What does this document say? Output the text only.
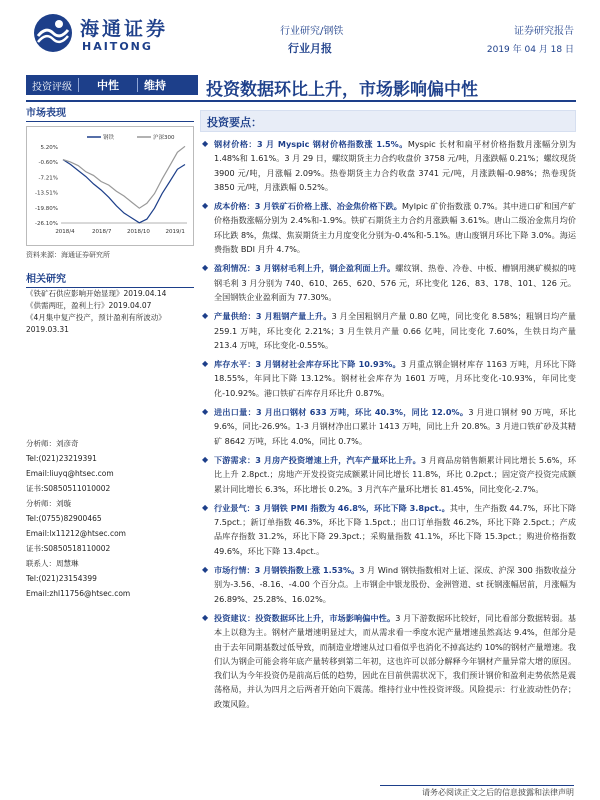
海通证券
HAITONG
行业研究/钢铁
行业月报
证券研究报告
2019 年 04 月 18 日
投资评级	中性	维持	投资数据环比上升，市场影响偏中性
市场表现
5.20%
-0.60%
-7.21%
-13.51%
-19.80%
-26.10%
2018/4	2018/7	2018/10	2019/1
钢铁	沪深300
资料来源：海通证券研究所
相关研究
《铁矿石供应影响开始显现》2019.04.14
《供需两旺，盈利上行》2019.04.07
《4月集中复产投产，预计盈利有所波动》2019.03.31
分析师：刘彦奇
Tel:(021)23219391
Email:liuyq@htsec.com
证书:S0850511010002
分析师：刘璇
Tel:(0755)82900465
Email:lx11212@htsec.com
证书:S0850518110002
联系人：周慧琳
Tel:(021)23154399
Email:zhl11756@htsec.com
投资要点：
◆ 钢材价格：3 月 Myspic 钢材价格指数涨 1.5%。Myspic 长材和扁平材价格指数月涨幅分别为 1.48%和 1.61%。3 月 29 日，螺纹期货主力合约收盘价 3758 元/吨，月涨跌幅 0.21%；螺纹现货 3900 元/吨，月涨幅 2.09%。热卷期货主力合约收盘 3741 元/吨，月涨跌幅-0.98%；热卷现货 3850 元/吨，月涨跌幅 0.52%。
◆ 成本价格：3 月铁矿石价格上涨、冶金焦价格下跌。Mylpic 矿价指数涨 0.7%。其中进口矿和国产矿价格指数涨幅分别为 2.4%和-1.9%。铁矿石期货主力合约月涨跌幅 3.61%。唐山二级冶金焦月均价环比跌 8%，焦煤、焦炭期货主力月度变化分别为-0.4%和-5.1%。唐山废钢月环比下降 3.0%。海运费指数 BDI 月升 4.7%。
◆ 盈利情况：3 月钢材毛利上升，钢企盈利面上升。螺纹钢、热卷、冷卷、中板、槽钢用澳矿模拟的吨钢毛利 3 月分别为 740、610、265、620、576 元，环比变化 126、83、178、101、126 元。全国钢铁企业盈利面为 77.30%。
◆ 产量供给：3 月粗钢产量上升。3 月全国粗钢月产量 0.80 亿吨，同比变化 8.58%；粗钢日均产量 259.1 万吨，环比变化 2.21%；3 月生铁月产量 0.66 亿吨，同比变化 7.60%，生铁日均产量 213.4 万吨，环比变化-0.55%。
◆ 库存水平：3 月钢材社会库存环比下降 10.93%。3 月重点钢企钢材库存 1163 万吨，月环比下降 18.55%，年同比下降 13.12%。钢材社会库存为 1601 万吨，月环比变化-10.93%，年同比变化-10.92%。港口铁矿石库存月环比升 0.87%。
◆ 进出口量：3 月出口钢材 633 万吨，环比 40.3%，同比 12.0%。3 月进口钢材 90 万吨，环比 9.6%，同比-26.9%。1-3 月钢材净出口累计 1413 万吨，同比上升 20.8%。3 月进口铁矿砂及其精矿 8642 万吨，环比 4.0%，同比 0.7%。
◆ 下游需求：3 月房产投资增速上升，汽车产量环比上升。3 月商品房销售额累计同比增长 5.6%，环比上升 2.8pct.；房地产开发投资完成额累计同比增长 11.8%，环比 0.2pct.；固定资产投资完成额累计同比增长 6.3%，环比增长 0.2%。3 月汽车产量环比增长 81.45%，同比变化-2.7%。
◆ 行业景气：3 月钢铁 PMI 指数为 46.8%，环比下降 3.8pct.。其中，生产指数 44.7%，环比下降 7.5pct.；新订单指数 46.3%，环比下降 1.5pct.；出口订单指数 46.2%，环比下降 2.5pct.；产成品库存指数 31.2%，环比下降 29.3pct.；采购量指数 41.1%，环比下降 15.3pct.；购进价格指数 49.6%，环比下降 13.4pct.。
◆ 市场行情：3 月钢铁指数上涨 1.53%。3 月 Wind 钢铁指数相对上证、深成、沪深 300 指数收益分别为-3.56、-8.16、-4.00 个百分点。上市钢企中银龙股份、金洲管道、st 抚钢涨幅居前，月涨幅为 26.89%、25.28%、16.02%。
◆ 投资建议：投资数据环比上升，市场影响偏中性。3 月下游数据环比较好，同比看部分数据转弱。基本上以稳为主。钢材产量增速明显过大，而从需求看一季度水泥产量增速虽然高达 9.4%，但部分是由于去年同期基数过低导致，而制造业增速从过口看似乎也消化不掉高达约 10%的钢材产量增速。我们认为钢企可能会将年底产量转移到第二年初，这也许可以部分解释今年钢材产量异常大增的原因。我们认为今年投资仍是前高后低的趋势，因此在目前供需状况下，我们预计钢价和盈利走势依然是震荡格局，并认为四月之后两者开始向下震荡。维持行业中性投资评级。风险提示：行业波动性仍存；政策风险。
请务必阅读正文之后的信息披露和法律声明
